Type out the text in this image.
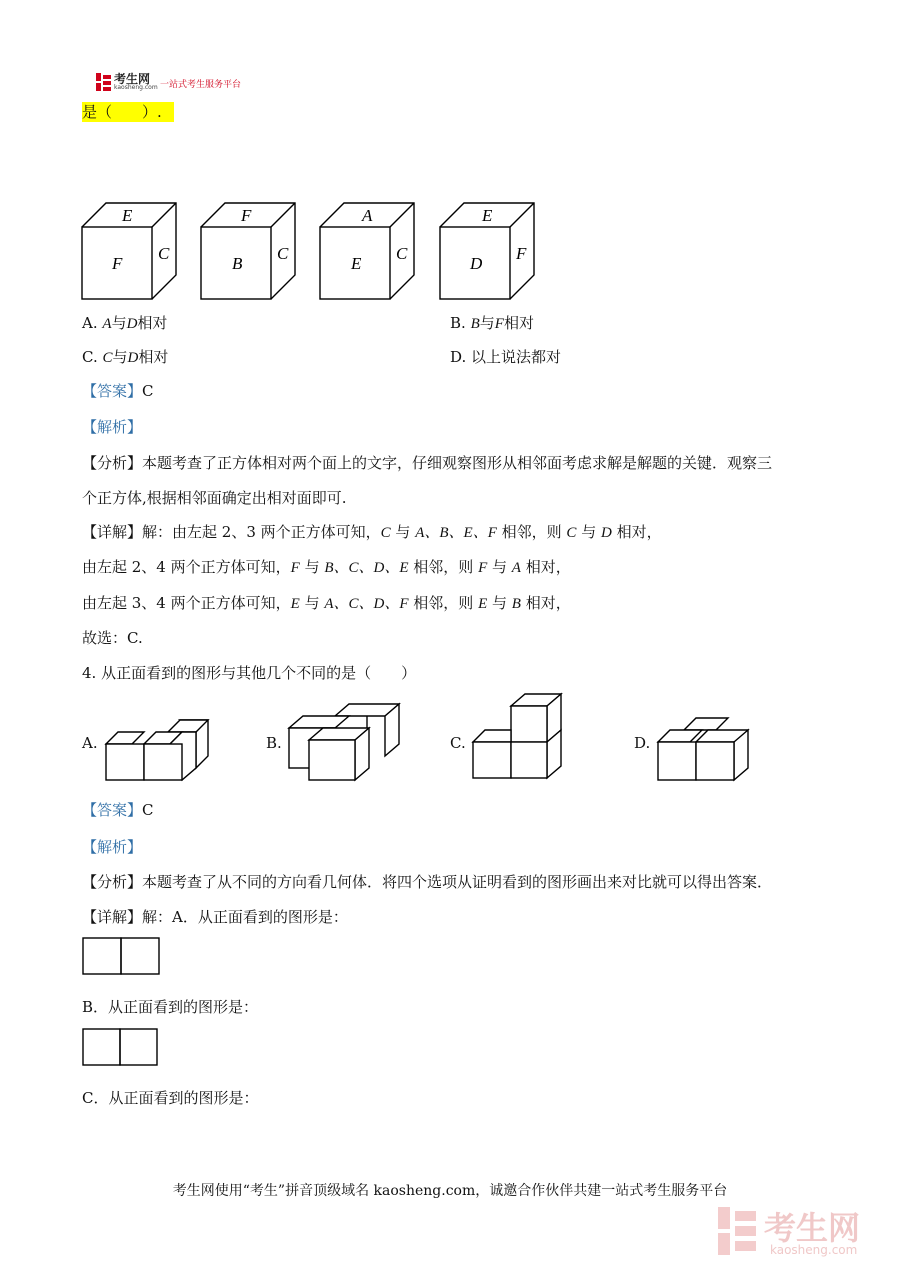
考生网
kaosheng.com 一站式考生服务平台
是（　　）.
E
F
C
F
B
C
A
E
C
E
D
F
A. A与D相对	B. B与F相对
C. C与D相对	D. 以上说法都对
【答案】C
【解析】
【分析】本题考查了正方体相对两个面上的文字，仔细观察图形从相邻面考虑求解是解题的关键．观察三
个正方体,根据相邻面确定出相对面即可.
【详解】解：由左起 2、3 两个正方体可知，C 与 A、B、E、F 相邻，则 C 与 D 相对，
由左起 2、4 两个正方体可知，F 与 B、C、D、E 相邻，则 F 与 A 相对，
由左起 3、4 两个正方体可知，E 与 A、C、D、F 相邻，则 E 与 B 相对，
故选：C.
4. 从正面看到的图形与其他几个不同的是（　　）
A.	B.	C.	D.
【答案】C
【解析】
【分析】本题考查了从不同的方向看几何体．将四个选项从证明看到的图形画出来对比就可以得出答案．
【详解】解：A．从正面看到的图形是：
B．从正面看到的图形是：
C．从正面看到的图形是：
考生网使用“考生”拼音顶级域名 kaosheng.com，诚邀合作伙伴共建一站式考生服务平台
考生网
kaosheng.com
